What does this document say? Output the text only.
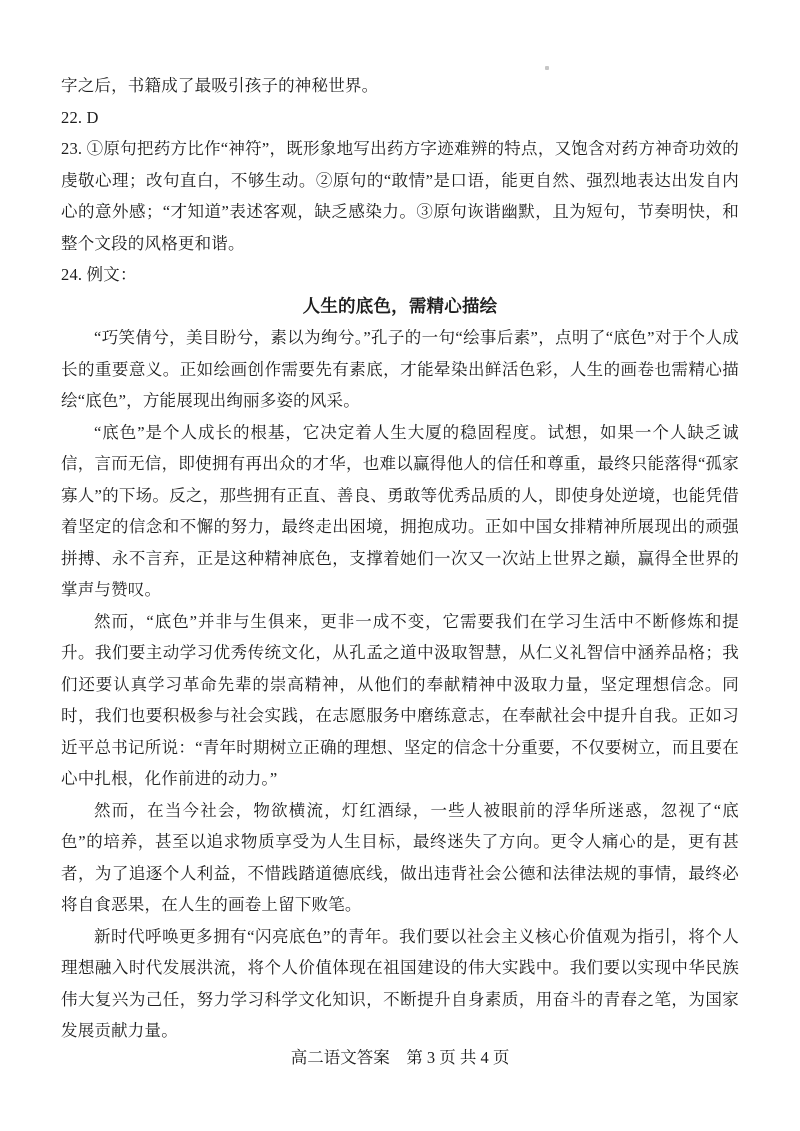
字之后，书籍成了最吸引孩子的神秘世界。

22. D

23. ①原句把药方比作“神符”，既形象地写出药方字迹难辨的特点，又饱含对药方神奇功效的虔敬心理；改句直白，不够生动。②原句的“敢情”是口语，能更自然、强烈地表达出发自内心的意外感；“才知道”表述客观，缺乏感染力。③原句诙谐幽默，且为短句，节奏明快，和整个文段的风格更和谐。

24. 例文：

人生的底色，需精心描绘

“巧笑倩兮，美目盼兮，素以为绚兮。”孔子的一句“绘事后素”，点明了“底色”对于个人成长的重要意义。正如绘画创作需要先有素底，才能晕染出鲜活色彩，人生的画卷也需精心描绘“底色”，方能展现出绚丽多姿的风采。

“底色”是个人成长的根基，它决定着人生大厦的稳固程度。试想，如果一个人缺乏诚信，言而无信，即使拥有再出众的才华，也难以赢得他人的信任和尊重，最终只能落得“孤家寡人”的下场。反之，那些拥有正直、善良、勇敢等优秀品质的人，即使身处逆境，也能凭借着坚定的信念和不懈的努力，最终走出困境，拥抱成功。正如中国女排精神所展现出的顽强拼搏、永不言弃，正是这种精神底色，支撑着她们一次又一次站上世界之巅，赢得全世界的掌声与赞叹。

然而，“底色”并非与生俱来，更非一成不变，它需要我们在学习生活中不断修炼和提升。我们要主动学习优秀传统文化，从孔孟之道中汲取智慧，从仁义礼智信中涵养品格；我们还要认真学习革命先辈的崇高精神，从他们的奉献精神中汲取力量，坚定理想信念。同时，我们也要积极参与社会实践，在志愿服务中磨练意志，在奉献社会中提升自我。正如习近平总书记所说：“青年时期树立正确的理想、坚定的信念十分重要，不仅要树立，而且要在心中扎根，化作前进的动力。”

然而，在当今社会，物欲横流，灯红酒绿，一些人被眼前的浮华所迷惑，忽视了“底色”的培养，甚至以追求物质享受为人生目标，最终迷失了方向。更令人痛心的是，更有甚者，为了追逐个人利益，不惜践踏道德底线，做出违背社会公德和法律法规的事情，最终必将自食恶果，在人生的画卷上留下败笔。

新时代呼唤更多拥有“闪亮底色”的青年。我们要以社会主义核心价值观为指引，将个人理想融入时代发展洪流，将个人价值体现在祖国建设的伟大实践中。我们要以实现中华民族伟大复兴为己任，努力学习科学文化知识，不断提升自身素质，用奋斗的青春之笔，为国家发展贡献力量。

高二语文答案　第 3 页 共 4 页
